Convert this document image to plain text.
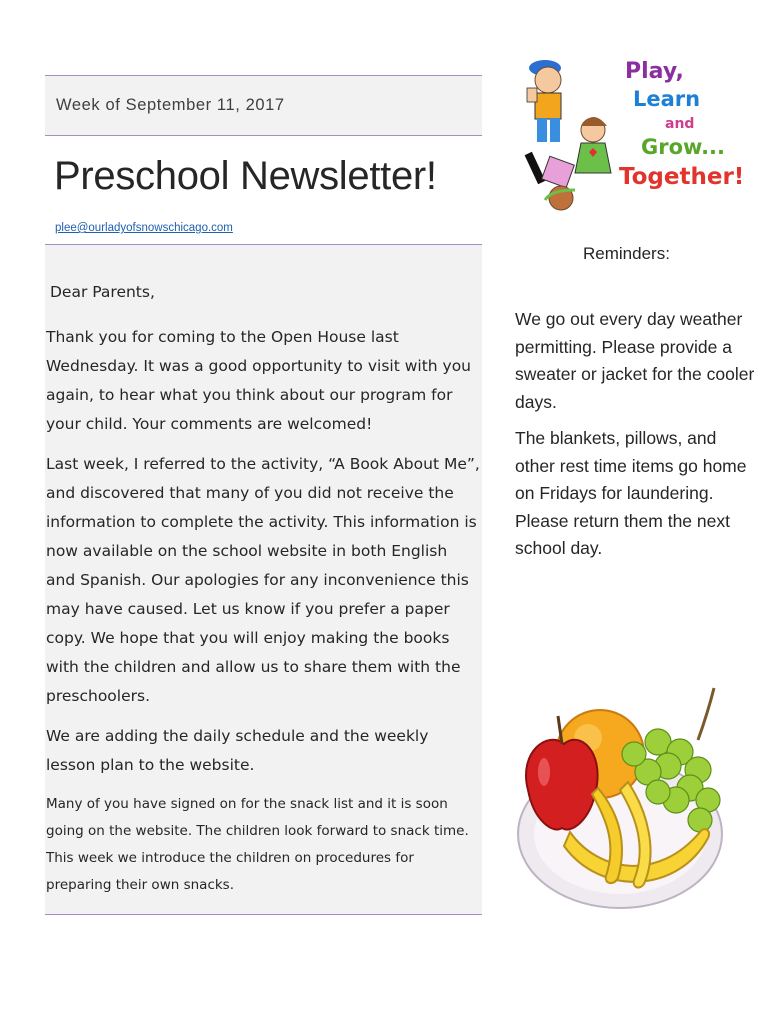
Week of September 11, 2017
Preschool Newsletter!
plee@ourladyofsnowschicago.com

Dear Parents,

Thank you for coming to the Open House last Wednesday. It was a good opportunity to visit with you again, to hear what you think about our program for your child. Your comments are welcomed!

Last week, I referred to the activity, “A Book About Me”, and discovered that many of you did not receive the information to complete the activity. This information is now available on the school website in both English and Spanish. Our apologies for any inconvenience this may have caused. Let us know if you prefer a paper copy. We hope that you will enjoy making the books with the children and allow us to share them with the preschoolers.

We are adding the daily schedule and the weekly lesson plan to the website.

Many of you have signed on for the snack list and it is soon going on the website. The children look forward to snack time. This week we introduce the children on procedures for preparing their own snacks.

Play,
Learn
and
Grow...
Together!
Reminders:
We go out every day weather permitting. Please provide a sweater or jacket for the cooler days.
The blankets, pillows, and other rest time items go home on Fridays for laundering. Please return them the next school day.
